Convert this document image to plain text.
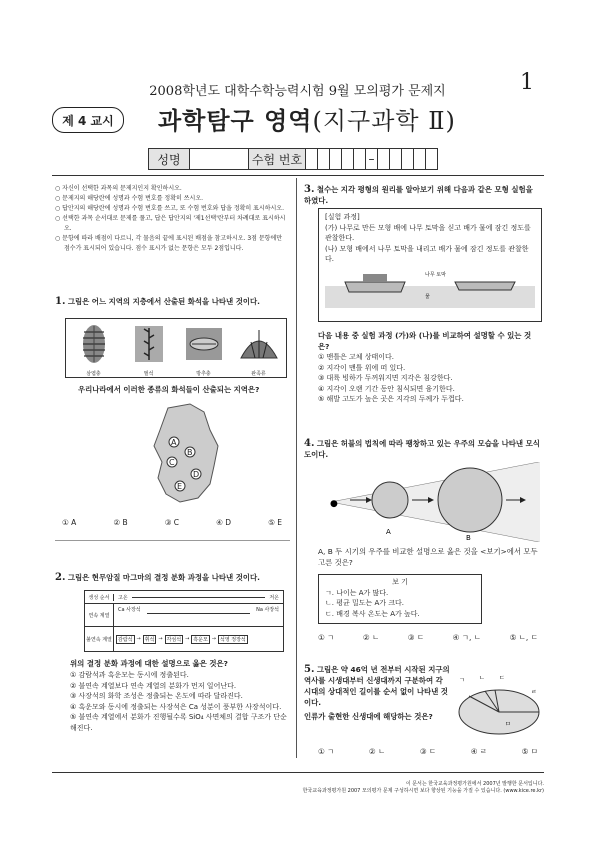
2008학년도 대학수학능력시험 9월 모의평가 문제지	1
제 4 교시	과학탐구 영역(지구과학 Ⅱ)
성명	수험 번호	–
○ 자신이 선택한 과목의 문제지인지 확인하시오.
○ 문제지의 해당란에 성명과 수험 번호를 정확히 쓰시오.
○ 답안지의 해당란에 성명과 수험 번호를 쓰고, 또 수험 번호와 답을 정확히 표시하시오.
○ 선택한 과목 순서대로 문제를 풀고, 답은 답안지의 '제1선택'란부터 차례대로 표시하시오.
○ 문항에 따라 배점이 다르니, 각 물음의 끝에 표시된 배점을 참고하시오. 3점 문항에만 점수가 표시되어 있습니다. 점수 표시가 없는 문항은 모두 2점입니다.
1. 그림은 어느 지역의 지층에서 산출된 화석을 나타낸 것이다.
삼엽충	필석	방추충	완족류
우리나라에서 이러한 종류의 화석들이 산출되는 지역은?
A
B
C
D
E
① A	② B	③ C	④ D	⑤ E
2. 그림은 현무암질 마그마의 결정 분화 과정을 나타낸 것이다.
생성 순서	고온	저온
연속 계열
Ca 사장석	Na 사장석
불연속 계열	감람석 → 휘석 → 각섬석 → 흑운모 → 석영 정장석
위의 결정 분화 과정에 대한 설명으로 옳은 것은?
① 감람석과 흑운모는 동시에 정출된다.
② 불연속 계열보다 연속 계열의 분화가 먼저 일어난다.
③ 사장석의 화학 조성은 정출되는 온도에 따라 달라진다.
④ 흑운모와 동시에 정출되는 사장석은 Ca 성분이 풍부한 사장석이다.
⑤ 불연속 계열에서 분화가 진행될수록 SiO₄ 사면체의 결합 구조가 단순해진다.
3. 철수는 지각 평형의 원리를 알아보기 위해 다음과 같은 모형 실험을 하였다.
[실험 과정]
(가) 나무로 만든 모형 배에 나무 토막을 싣고 배가 물에 잠긴 정도를 관찰한다.
(나) 모형 배에서 나무 토막을 내리고 배가 물에 잠긴 정도를 관찰한다.
나무 토막
물
다음 내용 중 실험 과정 (가)와 (나)를 비교하여 설명할 수 있는 것은?
① 맨틀은 고체 상태이다.
② 지각이 맨틀 위에 떠 있다.
③ 대륙 빙하가 두꺼워지면 지각은 침강한다.
④ 지각이 오랜 기간 동안 침식되면 융기한다.
⑤ 해발 고도가 높은 곳은 지각의 두께가 두껍다.
4. 그림은 허블의 법칙에 따라 팽창하고 있는 우주의 모습을 나타낸 모식도이다.
●
A
B
A, B 두 시기의 우주를 비교한 설명으로 옳은 것을 <보기>에서 모두 고른 것은?
보 기
ㄱ. 나이는 A가 많다.
ㄴ. 평균 밀도는 A가 크다.
ㄷ. 배경 복사 온도는 A가 높다.
① ㄱ	② ㄴ	③ ㄷ	④ ㄱ, ㄴ	⑤ ㄴ, ㄷ
5. 그림은 약 46억 년 전부터 시작된 지구의 역사를 시생대부터 신생대까지 구분하여 각 시대의 상대적인 길이를 순서 없이 나타낸 것이다.
인류가 출현한 신생대에 해당하는 것은?
ㄱ ㄴ ㄷ
ㄹ
ㅁ
① ㄱ	② ㄴ	③ ㄷ	④ ㄹ	⑤ ㅁ
이 문서는 한국교육과정평가원에서 2007년 발행한 문서입니다.
한국교육과정평가원 2007 모의평가 문제 구성하시면 보다 향상된 기능을 가질 수 있습니다. (www.kice.re.kr)
